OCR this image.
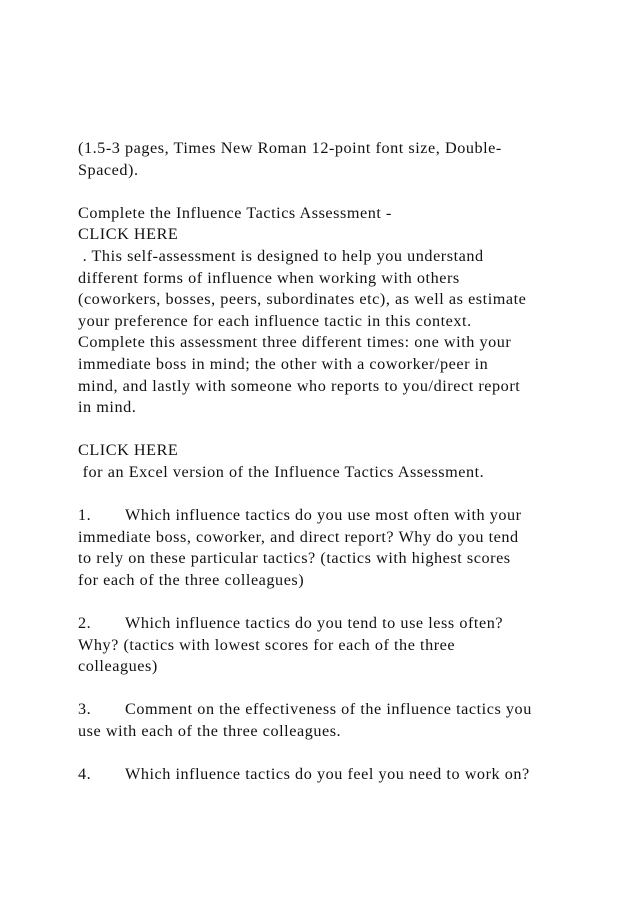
(1.5-3 pages, Times New Roman 12-point font size, Double-
Spaced).
Complete the Influence Tactics Assessment -
CLICK HERE
. This self-assessment is designed to help you understand
different forms of influence when working with others
(coworkers, bosses, peers, subordinates etc), as well as estimate
your preference for each influence tactic in this context.
Complete this assessment three different times: one with your
immediate boss in mind; the other with a coworker/peer in
mind, and lastly with someone who reports to you/direct report
in mind.
CLICK HERE
for an Excel version of the Influence Tactics Assessment.
1. Which influence tactics do you use most often with your
immediate boss, coworker, and direct report? Why do you tend
to rely on these particular tactics? (tactics with highest scores
for each of the three colleagues)
2. Which influence tactics do you tend to use less often?
Why? (tactics with lowest scores for each of the three
colleagues)
3. Comment on the effectiveness of the influence tactics you
use with each of the three colleagues.
4. Which influence tactics do you feel you need to work on?
